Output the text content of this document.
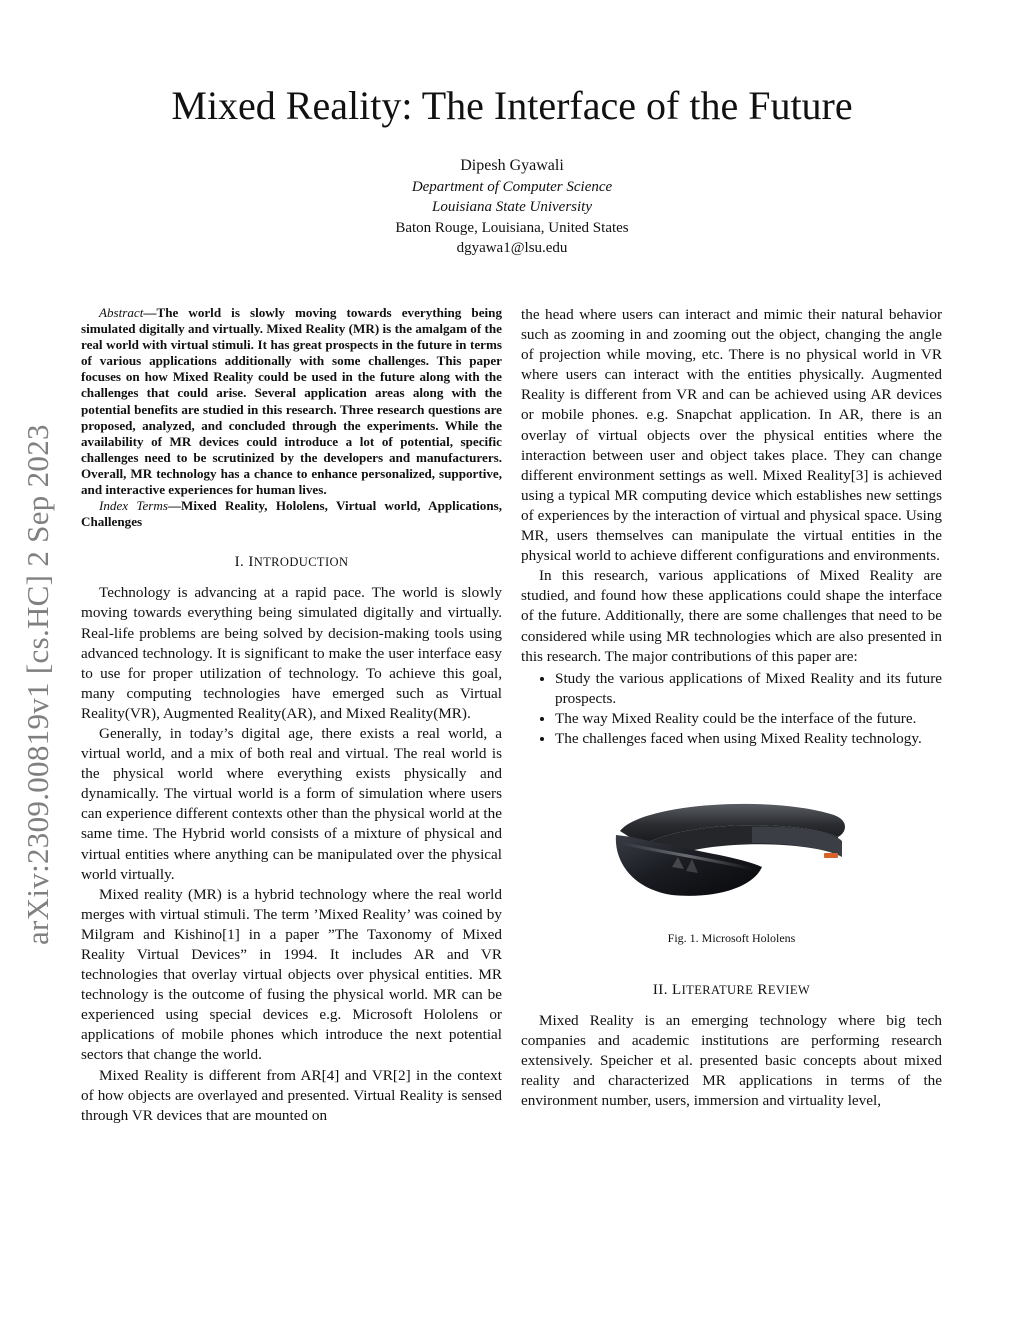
arXiv:2309.00819v1 [cs.HC] 2 Sep 2023
Mixed Reality: The Interface of the Future
Dipesh Gyawali
Department of Computer Science
Louisiana State University
Baton Rouge, Louisiana, United States
dgyawa1@lsu.edu

Abstract—The world is slowly moving towards everything being simulated digitally and virtually. Mixed Reality (MR) is the amalgam of the real world with virtual stimuli. It has great prospects in the future in terms of various applications additionally with some challenges. This paper focuses on how Mixed Reality could be used in the future along with the challenges that could arise. Several application areas along with the potential benefits are studied in this research. Three research questions are proposed, analyzed, and concluded through the experiments. While the availability of MR devices could introduce a lot of potential, specific challenges need to be scrutinized by the developers and manufacturers. Overall, MR technology has a chance to enhance personalized, supportive, and interactive experiences for human lives.

Index Terms—Mixed Reality, Hololens, Virtual world, Applications, Challenges

I. INTRODUCTION

Technology is advancing at a rapid pace. The world is slowly moving towards everything being simulated digitally and virtually. Real-life problems are being solved by decision-making tools using advanced technology. It is significant to make the user interface easy to use for proper utilization of technology. To achieve this goal, many computing technologies have emerged such as Virtual Reality(VR), Augmented Reality(AR), and Mixed Reality(MR).

Generally, in today’s digital age, there exists a real world, a virtual world, and a mix of both real and virtual. The real world is the physical world where everything exists physically and dynamically. The virtual world is a form of simulation where users can experience different contexts other than the physical world at the same time. The Hybrid world consists of a mixture of physical and virtual entities where anything can be manipulated over the physical world virtually.

Mixed reality (MR) is a hybrid technology where the real world merges with virtual stimuli. The term ’Mixed Reality’ was coined by Milgram and Kishino[1] in a paper ”The Taxonomy of Mixed Reality Virtual Devices” in 1994. It includes AR and VR technologies that overlay virtual objects over physical entities. MR technology is the outcome of fusing the physical world. MR can be experienced using special devices e.g. Microsoft Hololens or applications of mobile phones which introduce the next potential sectors that change the world.

Mixed Reality is different from AR[4] and VR[2] in the context of how objects are overlayed and presented. Virtual Reality is sensed through VR devices that are mounted on

the head where users can interact and mimic their natural behavior such as zooming in and zooming out the object, changing the angle of projection while moving, etc. There is no physical world in VR where users can interact with the entities physically. Augmented Reality is different from VR and can be achieved using AR devices or mobile phones. e.g. Snapchat application. In AR, there is an overlay of virtual objects over the physical entities where the interaction between user and object takes place. They can change different environment settings as well. Mixed Reality[3] is achieved using a typical MR computing device which establishes new settings of experiences by the interaction of virtual and physical space. Using MR, users themselves can manipulate the virtual entities in the physical world to achieve different configurations and environments.

In this research, various applications of Mixed Reality are studied, and found how these applications could shape the interface of the future. Additionally, there are some challenges that need to be considered while using MR technologies which are also presented in this research. The major contributions of this paper are:

• Study the various applications of Mixed Reality and its future prospects.
• The way Mixed Reality could be the interface of the future.
• The challenges faced when using Mixed Reality technology.
Fig. 1. Microsoft Hololens
II. LITERATURE REVIEW

Mixed Reality is an emerging technology where big tech companies and academic institutions are performing research extensively. Speicher et al. presented basic concepts about mixed reality and characterized MR applications in terms of the environment number, users, immersion and virtuality level,
